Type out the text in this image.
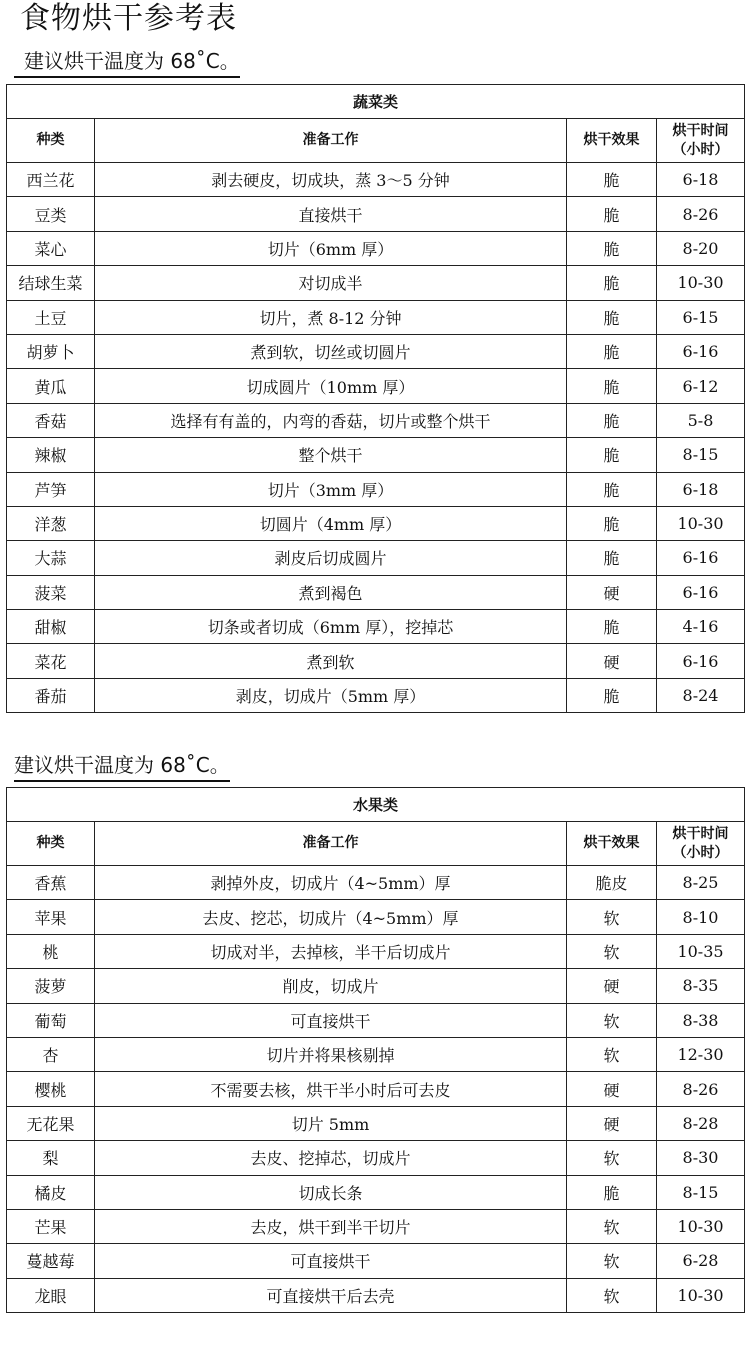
食物烘干参考表
建议烘干温度为 68˚C。
蔬菜类			
种类	准备工作	烘干效果	烘干时间
（小时）
西兰花	剥去硬皮，切成块，蒸 3～5 分钟	脆	6-18
豆类	直接烘干	脆	8-26
菜心	切片（6mm 厚）	脆	8-20
结球生菜	对切成半	脆	10-30
土豆	切片，煮 8-12 分钟	脆	6-15
胡萝卜	煮到软，切丝或切圆片	脆	6-16
黄瓜	切成圆片（10mm 厚）	脆	6-12
香菇	选择有有盖的，内弯的香菇，切片或整个烘干	脆	5-8
辣椒	整个烘干	脆	8-15
芦笋	切片（3mm 厚）	脆	6-18
洋葱	切圆片（4mm 厚）	脆	10-30
大蒜	剥皮后切成圆片	脆	6-16
菠菜	煮到褐色	硬	6-16
甜椒	切条或者切成（6mm 厚），挖掉芯	脆	4-16
菜花	煮到软	硬	6-16
番茄	剥皮，切成片（5mm 厚）	脆	8-24
建议烘干温度为 68˚C。
水果类			
种类	准备工作	烘干效果	烘干时间
（小时）
香蕉	剥掉外皮，切成片（4~5mm）厚	脆皮	8-25
苹果	去皮、挖芯，切成片（4~5mm）厚	软	8-10
桃	切成对半，去掉核，半干后切成片	软	10-35
菠萝	削皮，切成片	硬	8-35
葡萄	可直接烘干	软	8-38
杏	切片并将果核剔掉	软	12-30
樱桃	不需要去核，烘干半小时后可去皮	硬	8-26
无花果	切片 5mm	硬	8-28
梨	去皮、挖掉芯，切成片	软	8-30
橘皮	切成长条	脆	8-15
芒果	去皮，烘干到半干切片	软	10-30
蔓越莓	可直接烘干	软	6-28
龙眼	可直接烘干后去壳	软	10-30
